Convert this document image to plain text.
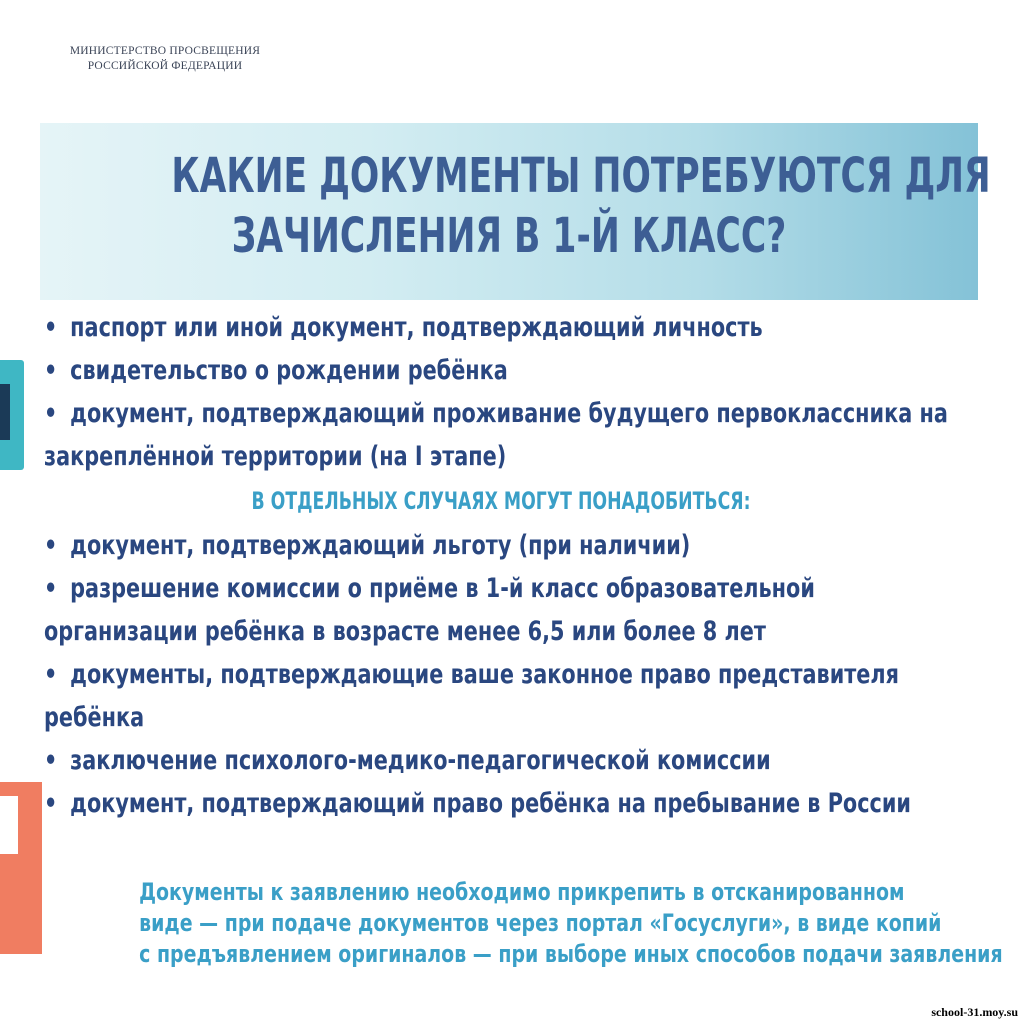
МИНИСТЕРСТВО ПРОСВЕЩЕНИЯ
РОССИЙСКОЙ ФЕДЕРАЦИИ
КАКИЕ ДОКУМЕНТЫ ПОТРЕБУЮТСЯ ДЛЯ
ЗАЧИСЛЕНИЯ В 1-Й КЛАСС?
• паспорт или иной документ, подтверждающий личность
• свидетельство о рождении ребёнка
• документ, подтверждающий проживание будущего первоклассника на
закреплённой территории (на I этапе)
В ОТДЕЛЬНЫХ СЛУЧАЯХ МОГУТ ПОНАДОБИТЬСЯ:
• документ, подтверждающий льготу (при наличии)
• разрешение комиссии о приёме в 1-й класс образовательной
организации ребёнка в возрасте менее 6,5 или более 8 лет
• документы, подтверждающие ваше законное право представителя
ребёнка
• заключение психолого-медико-педагогической комиссии
• документ, подтверждающий право ребёнка на пребывание в России
Документы к заявлению необходимо прикрепить в отсканированном
виде — при подаче документов через портал «Госуслуги», в виде копий
с предъявлением оригиналов — при выборе иных способов подачи заявления
school-31.moy.su
